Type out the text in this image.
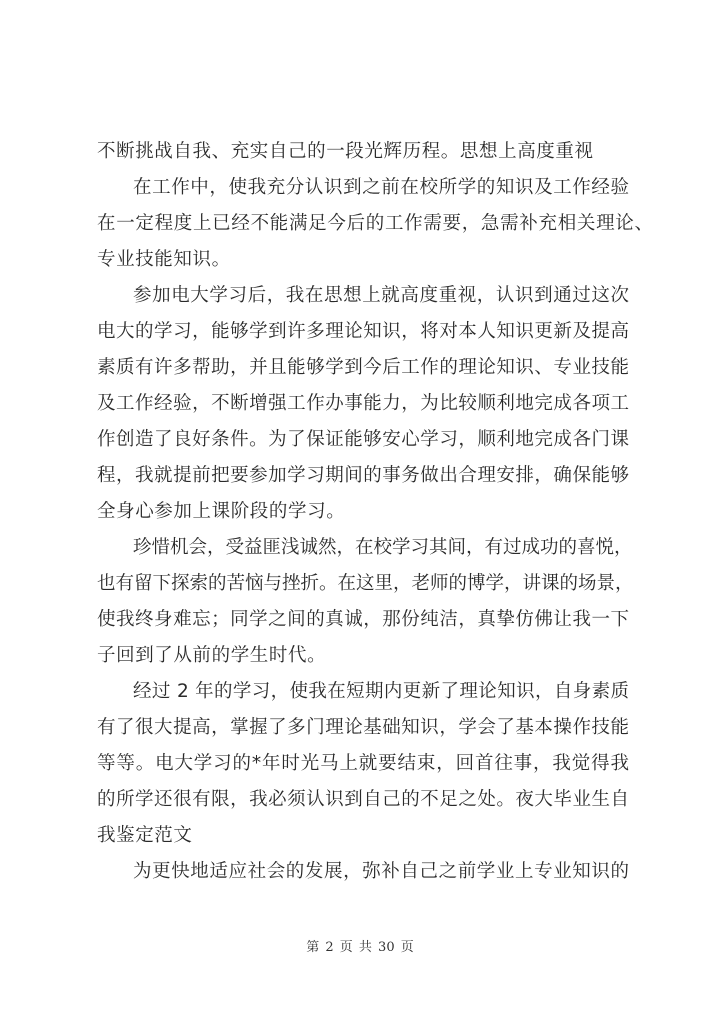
不断挑战自我、充实自己的一段光辉历程。思想上高度重视
在工作中，使我充分认识到之前在校所学的知识及工作经验
在一定程度上已经不能满足今后的工作需要，急需补充相关理论、
专业技能知识。
参加电大学习后，我在思想上就高度重视，认识到通过这次
电大的学习，能够学到许多理论知识，将对本人知识更新及提高
素质有许多帮助，并且能够学到今后工作的理论知识、专业技能
及工作经验，不断增强工作办事能力，为比较顺利地完成各项工
作创造了良好条件。为了保证能够安心学习，顺利地完成各门课
程，我就提前把要参加学习期间的事务做出合理安排，确保能够
全身心参加上课阶段的学习。
珍惜机会，受益匪浅诚然，在校学习其间，有过成功的喜悦，
也有留下探索的苦恼与挫折。在这里，老师的博学，讲课的场景，
使我终身难忘；同学之间的真诚，那份纯洁，真挚仿佛让我一下
子回到了从前的学生时代。
经过 2 年的学习，使我在短期内更新了理论知识，自身素质
有了很大提高，掌握了多门理论基础知识，学会了基本操作技能
等等。电大学习的*年时光马上就要结束，回首往事，我觉得我
的所学还很有限，我必须认识到自己的不足之处。夜大毕业生自
我鉴定范文
为更快地适应社会的发展，弥补自己之前学业上专业知识的
第 2 页 共 30 页
